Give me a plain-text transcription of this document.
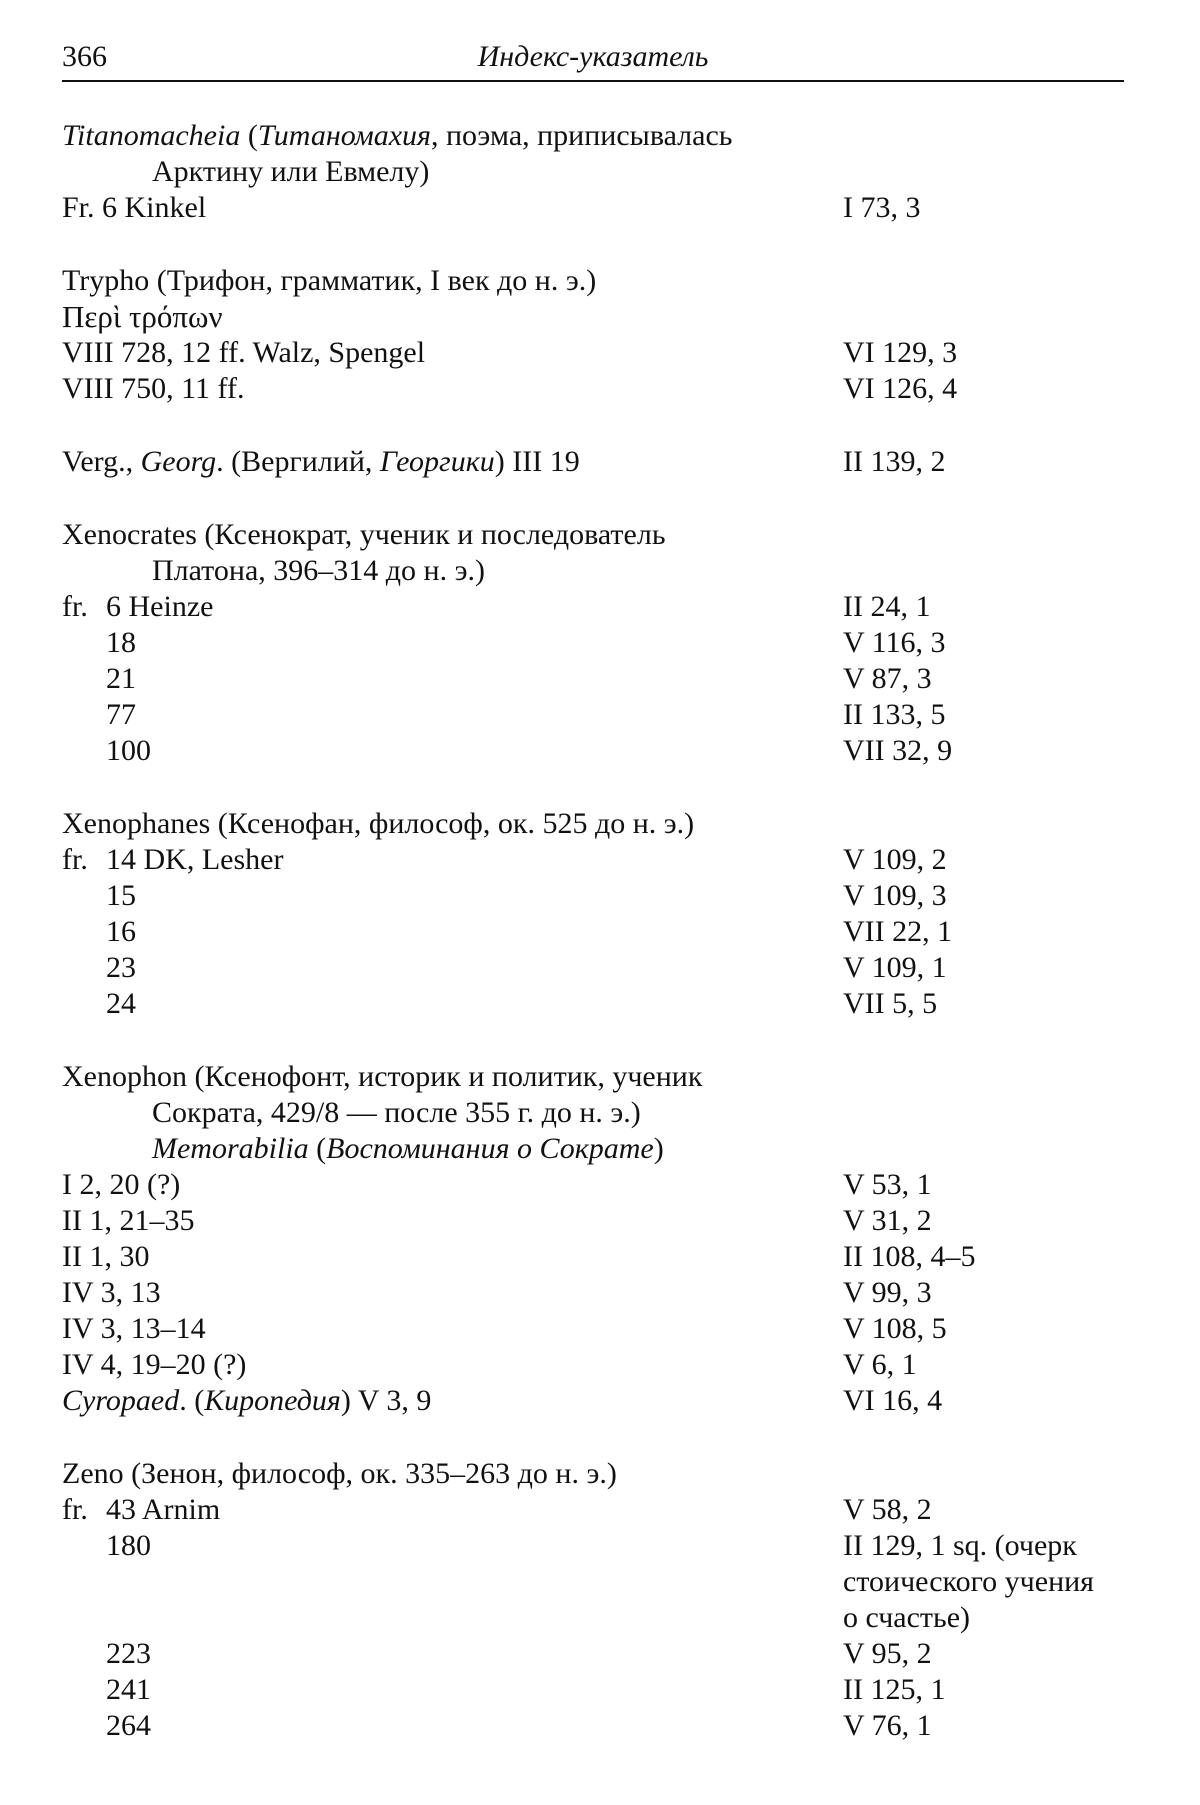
366	Индекс-указатель
Titanomacheia (Титаномахия, поэма, приписывалась
Арктину или Евмелу)
Fr. 6 Kinkel	I 73, 3
Trypho (Трифон, грамматик, I век до н. э.)
Περὶ τρόπων
VIII 728, 12 ff. Walz, Spengel	VI 129, 3
VIII 750, 11 ff.	VI 126, 4
Verg., Georg. (Вергилий, Георгики) III 19	II 139, 2
Xenocrates (Ксенократ, ученик и последователь
Платона, 396–314 до н. э.)
fr. 6 Heinze	II 24, 1
18	V 116, 3
21	V 87, 3
77	II 133, 5
100	VII 32, 9
Xenophanes (Ксенофан, философ, ок. 525 до н. э.)
fr. 14 DK, Lesher	V 109, 2
15	V 109, 3
16	VII 22, 1
23	V 109, 1
24	VII 5, 5
Xenophon (Ксенофонт, историк и политик, ученик
Сократа, 429/8 — после 355 г. до н. э.)
Memorabilia (Воспоминания о Сократе)
I 2, 20 (?)	V 53, 1
II 1, 21–35	V 31, 2
II 1, 30	II 108, 4–5
IV 3, 13	V 99, 3
IV 3, 13–14	V 108, 5
IV 4, 19–20 (?)	V 6, 1
Cyropaed. (Киропедия) V 3, 9	VI 16, 4
Zeno (Зенон, философ, ок. 335–263 до н. э.)
fr. 43 Arnim	V 58, 2
180	II 129, 1 sq. (очерк
стоического учения
о счастье)
223	V 95, 2
241	II 125, 1
264	V 76, 1
